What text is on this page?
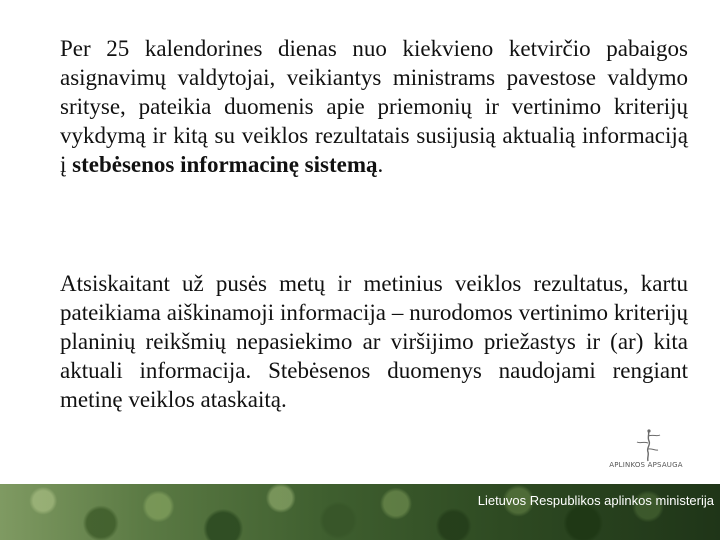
Per 25 kalendorines dienas nuo kiekvieno ketvirčio pabaigos asignavimų valdytojai, veikiantys ministrams pavestose valdymo srityse, pateikia duomenis apie priemonių ir vertinimo kriterijų vykdymą ir kitą su veiklos rezultatais susijusią aktualią informaciją į stebėsenos informacinę sistemą.
Atsiskaitant už pusės metų ir metinius veiklos rezultatus, kartu pateikiama aiškinamoji informacija – nurodomos vertinimo kriterijų planinių reikšmių nepasiekimo ar viršijimo priežastys ir (ar) kita aktuali informacija. Stebėsenos duomenys naudojami rengiant metinę veiklos ataskaitą.
APLINKOS APSAUGA
Lietuvos Respublikos aplinkos ministerija
